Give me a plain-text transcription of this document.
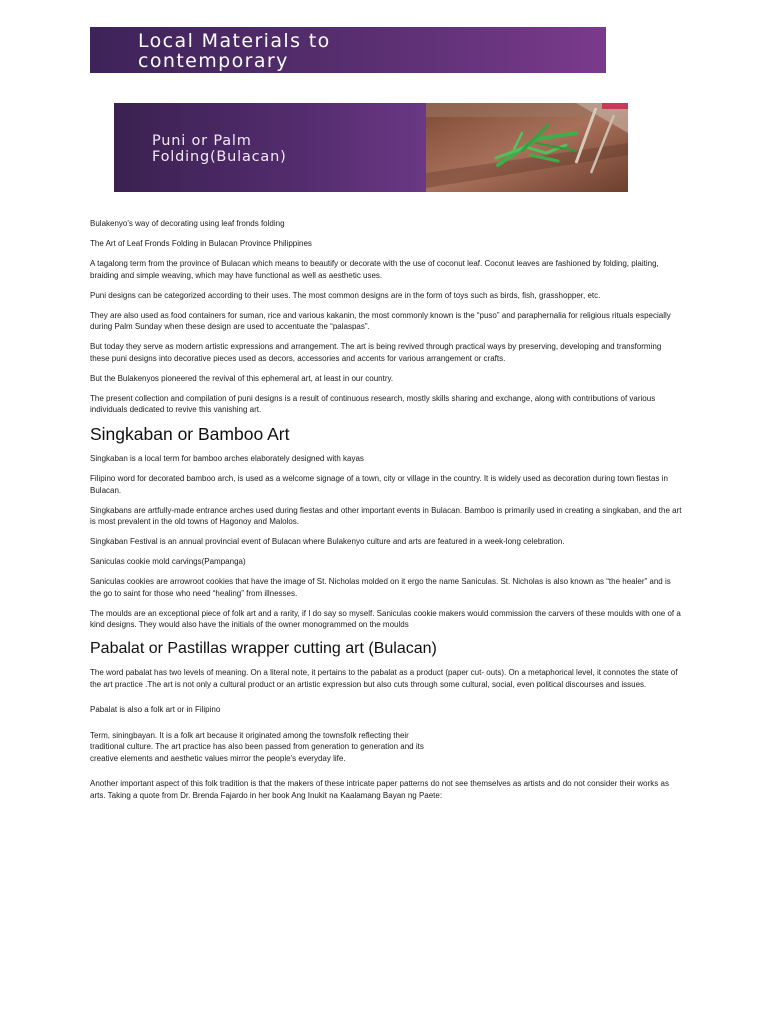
Local Materials to
contemporary
Puni or Palm
Folding(Bulacan)

Bulakenyo's way of decorating using leaf fronds folding

The Art of Leaf Fronds Folding in Bulacan Province Philippines

A tagalong term from the province of Bulacan which means to beautify or decorate with the use of coconut leaf. Coconut leaves are fashioned by folding, plaiting, braiding and simple weaving, which may have functional as well as aesthetic uses.

Puni designs can be categorized according to their uses. The most common designs are in the form of toys such as birds, fish, grasshopper, etc.

They are also used as food containers for suman, rice and various kakanin, the most commonly known is the “puso” and paraphernalia for religious rituals especially during Palm Sunday when these design are used to accentuate the “palaspas”.

But today they serve as modern artistic expressions and arrangement. The art is being revived through practical ways by preserving, developing and transforming these puni designs into decorative pieces used as decors, accessories and accents for various arrangement or crafts.

But the Bulakenyos pioneered the revival of this ephemeral art, at least in our country.

The present collection and compilation of puni designs is a result of continuous research, mostly skills sharing and exchange, along with contributions of various individuals dedicated to revive this vanishing art.

Singkaban or Bamboo Art

Singkaban is a local term for bamboo arches elaborately designed with kayas

Filipino word for decorated bamboo arch, is used as a welcome signage of a town, city or village in the country. It is widely used as decoration during town fiestas in Bulacan.

Singkabans are artfully-made entrance arches used during fiestas and other important events in Bulacan. Bamboo is primarily used in creating a singkaban, and the art is most prevalent in the old towns of Hagonoy and Malolos.

Singkaban Festival is an annual provincial event of Bulacan where Bulakenyo culture and arts are featured in a week-long celebration.

Saniculas cookie mold carvings(Pampanga)

Saniculas cookies are arrowroot cookies that have the image of St. Nicholas molded on it ergo the name Saniculas. St. Nicholas is also known as “the healer” and is the go to saint for those who need “healing” from illnesses.

The moulds are an exceptional piece of folk art and a rarity, if I do say so myself. Saniculas cookie makers would commission the carvers of these moulds with one of a kind designs. They would also have the initials of the owner monogrammed on the moulds

Pabalat or Pastillas wrapper cutting art (Bulacan)

The word pabalat has two levels of meaning. On a literal note, it pertains to the pabalat as a product (paper cut- outs). On a metaphorical level, it connotes the state of the art practice .The art is not only a cultural product or an artistic expression but also cuts through some cultural, social, even political discourses and issues.

Pabalat is also a folk art or in Filipino

Term, siningbayan. It is a folk art because it originated among the townsfolk reflecting their
traditional culture. The art practice has also been passed from generation to generation and its
creative elements and aesthetic values mirror the people’s everyday life.

Another important aspect of this folk tradition is that the makers of these intricate paper patterns do not see themselves as artists and do not consider their works as arts. Taking a quote from Dr. Brenda Fajardo in her book Ang Inukit na Kaalamang Bayan ng Paete:
